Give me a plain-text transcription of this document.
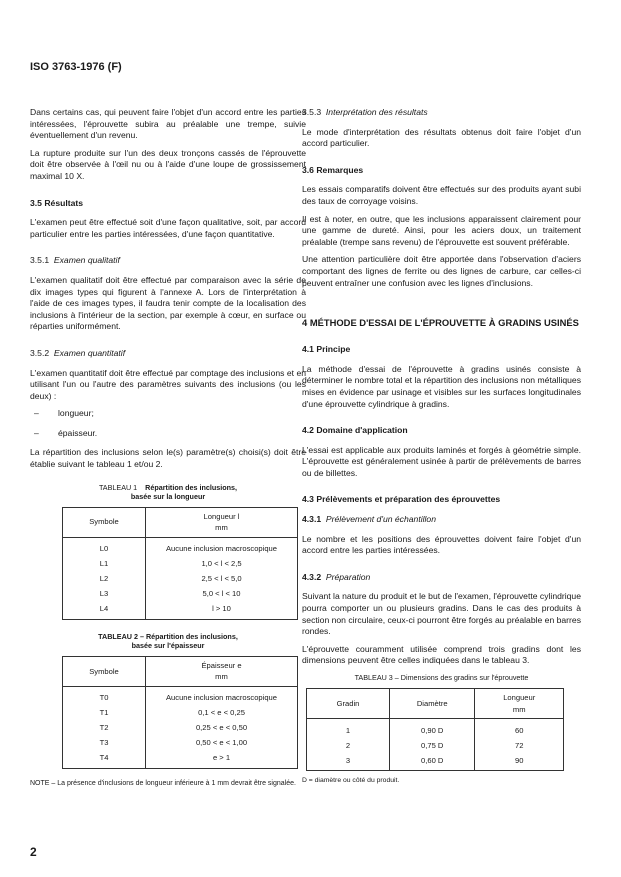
ISO 3763-1976 (F)

Dans certains cas, qui peuvent faire l'objet d'un accord entre les parties intéressées, l'éprouvette subira au préalable une trempe, suivie éventuellement d'un revenu.

La rupture produite sur l'un des deux tronçons cassés de l'éprouvette doit être observée à l'œil nu ou à l'aide d'une loupe de grossissement maximal 10 X.

3.5 Résultats

L'examen peut être effectué soit d'une façon qualitative, soit, par accord particulier entre les parties intéressées, d'une façon quantitative.

3.5.1 Examen qualitatif

L'examen qualitatif doit être effectué par comparaison avec la série de dix images types qui figurent à l'annexe A. Lors de l'interprétation à l'aide de ces images types, il faudra tenir compte de la localisation des inclusions à l'intérieur de la section, par exemple à cœur, en surface ou réparties uniformément.

3.5.2 Examen quantitatif

L'examen quantitatif doit être effectué par comptage des inclusions et en utilisant l'un ou l'autre des paramètres suivants des inclusions (ou les deux) :

– longueur;
– épaisseur.

La répartition des inclusions selon le(s) paramètre(s) choisi(s) doit être établie suivant le tableau 1 et/ou 2.

TABLEAU 1 Répartition des inclusions,
basée sur la longueur
Symbole	Longueur l
mm
L0	Aucune inclusion macroscopique
L1	1,0 < l < 2,5
L2	2,5 < l < 5,0
L3	5,0 < l < 10
L4	l > 10
TABLEAU 2 – Répartition des inclusions,
basée sur l'épaisseur
Symbole	Épaisseur e
mm
T0	Aucune inclusion macroscopique
T1	0,1 < e < 0,25
T2	0,25 < e < 0,50
T3	0,50 < e < 1,00
T4	e > 1
NOTE – La présence d'inclusions de longueur inférieure à 1 mm devrait être signalée.
3.5.3 Interprétation des résultats

Le mode d'interprétation des résultats obtenus doit faire l'objet d'un accord particulier.

3.6 Remarques

Les essais comparatifs doivent être effectués sur des produits ayant subi des taux de corroyage voisins.

Il est à noter, en outre, que les inclusions apparaissent clairement pour une gamme de dureté. Ainsi, pour les aciers doux, un traitement préalable (trempe sans revenu) de l'éprouvette est souvent préférable.

Une attention particulière doit être apportée dans l'observation d'aciers comportant des lignes de ferrite ou des lignes de carbure, car celles-ci peuvent entraîner une confusion avec les lignes d'inclusions.

4 MÉTHODE D'ESSAI DE L'ÉPROUVETTE À GRADINS USINÉS
4.1 Principe

La méthode d'essai de l'éprouvette à gradins usinés consiste à déterminer le nombre total et la répartition des inclusions non métalliques mises en évidence par usinage et visibles sur les surfaces longitudinales d'une éprouvette cylindrique à gradins.

4.2 Domaine d'application

L'essai est applicable aux produits laminés et forgés à géométrie simple. L'éprouvette est généralement usinée à partir de prélèvements de barres ou de billettes.

4.3 Prélèvements et préparation des éprouvettes
4.3.1 Prélèvement d'un échantillon

Le nombre et les positions des éprouvettes doivent faire l'objet d'un accord entre les parties intéressées.

4.3.2 Préparation

Suivant la nature du produit et le but de l'examen, l'éprouvette cylindrique pourra comporter un ou plusieurs gradins. Dans le cas des produits à section non circulaire, ceux-ci pourront être forgés au préalable en barres rondes.

L'éprouvette couramment utilisée comprend trois gradins dont les dimensions peuvent être celles indiquées dans le tableau 3.

TABLEAU 3 – Dimensions des gradins sur l'éprouvette
Gradin	Diamètre	Longueur
mm
1	0,90 D	60
2	0,75 D	72
3	0,60 D	90
D = diamètre ou côté du produit.
2
